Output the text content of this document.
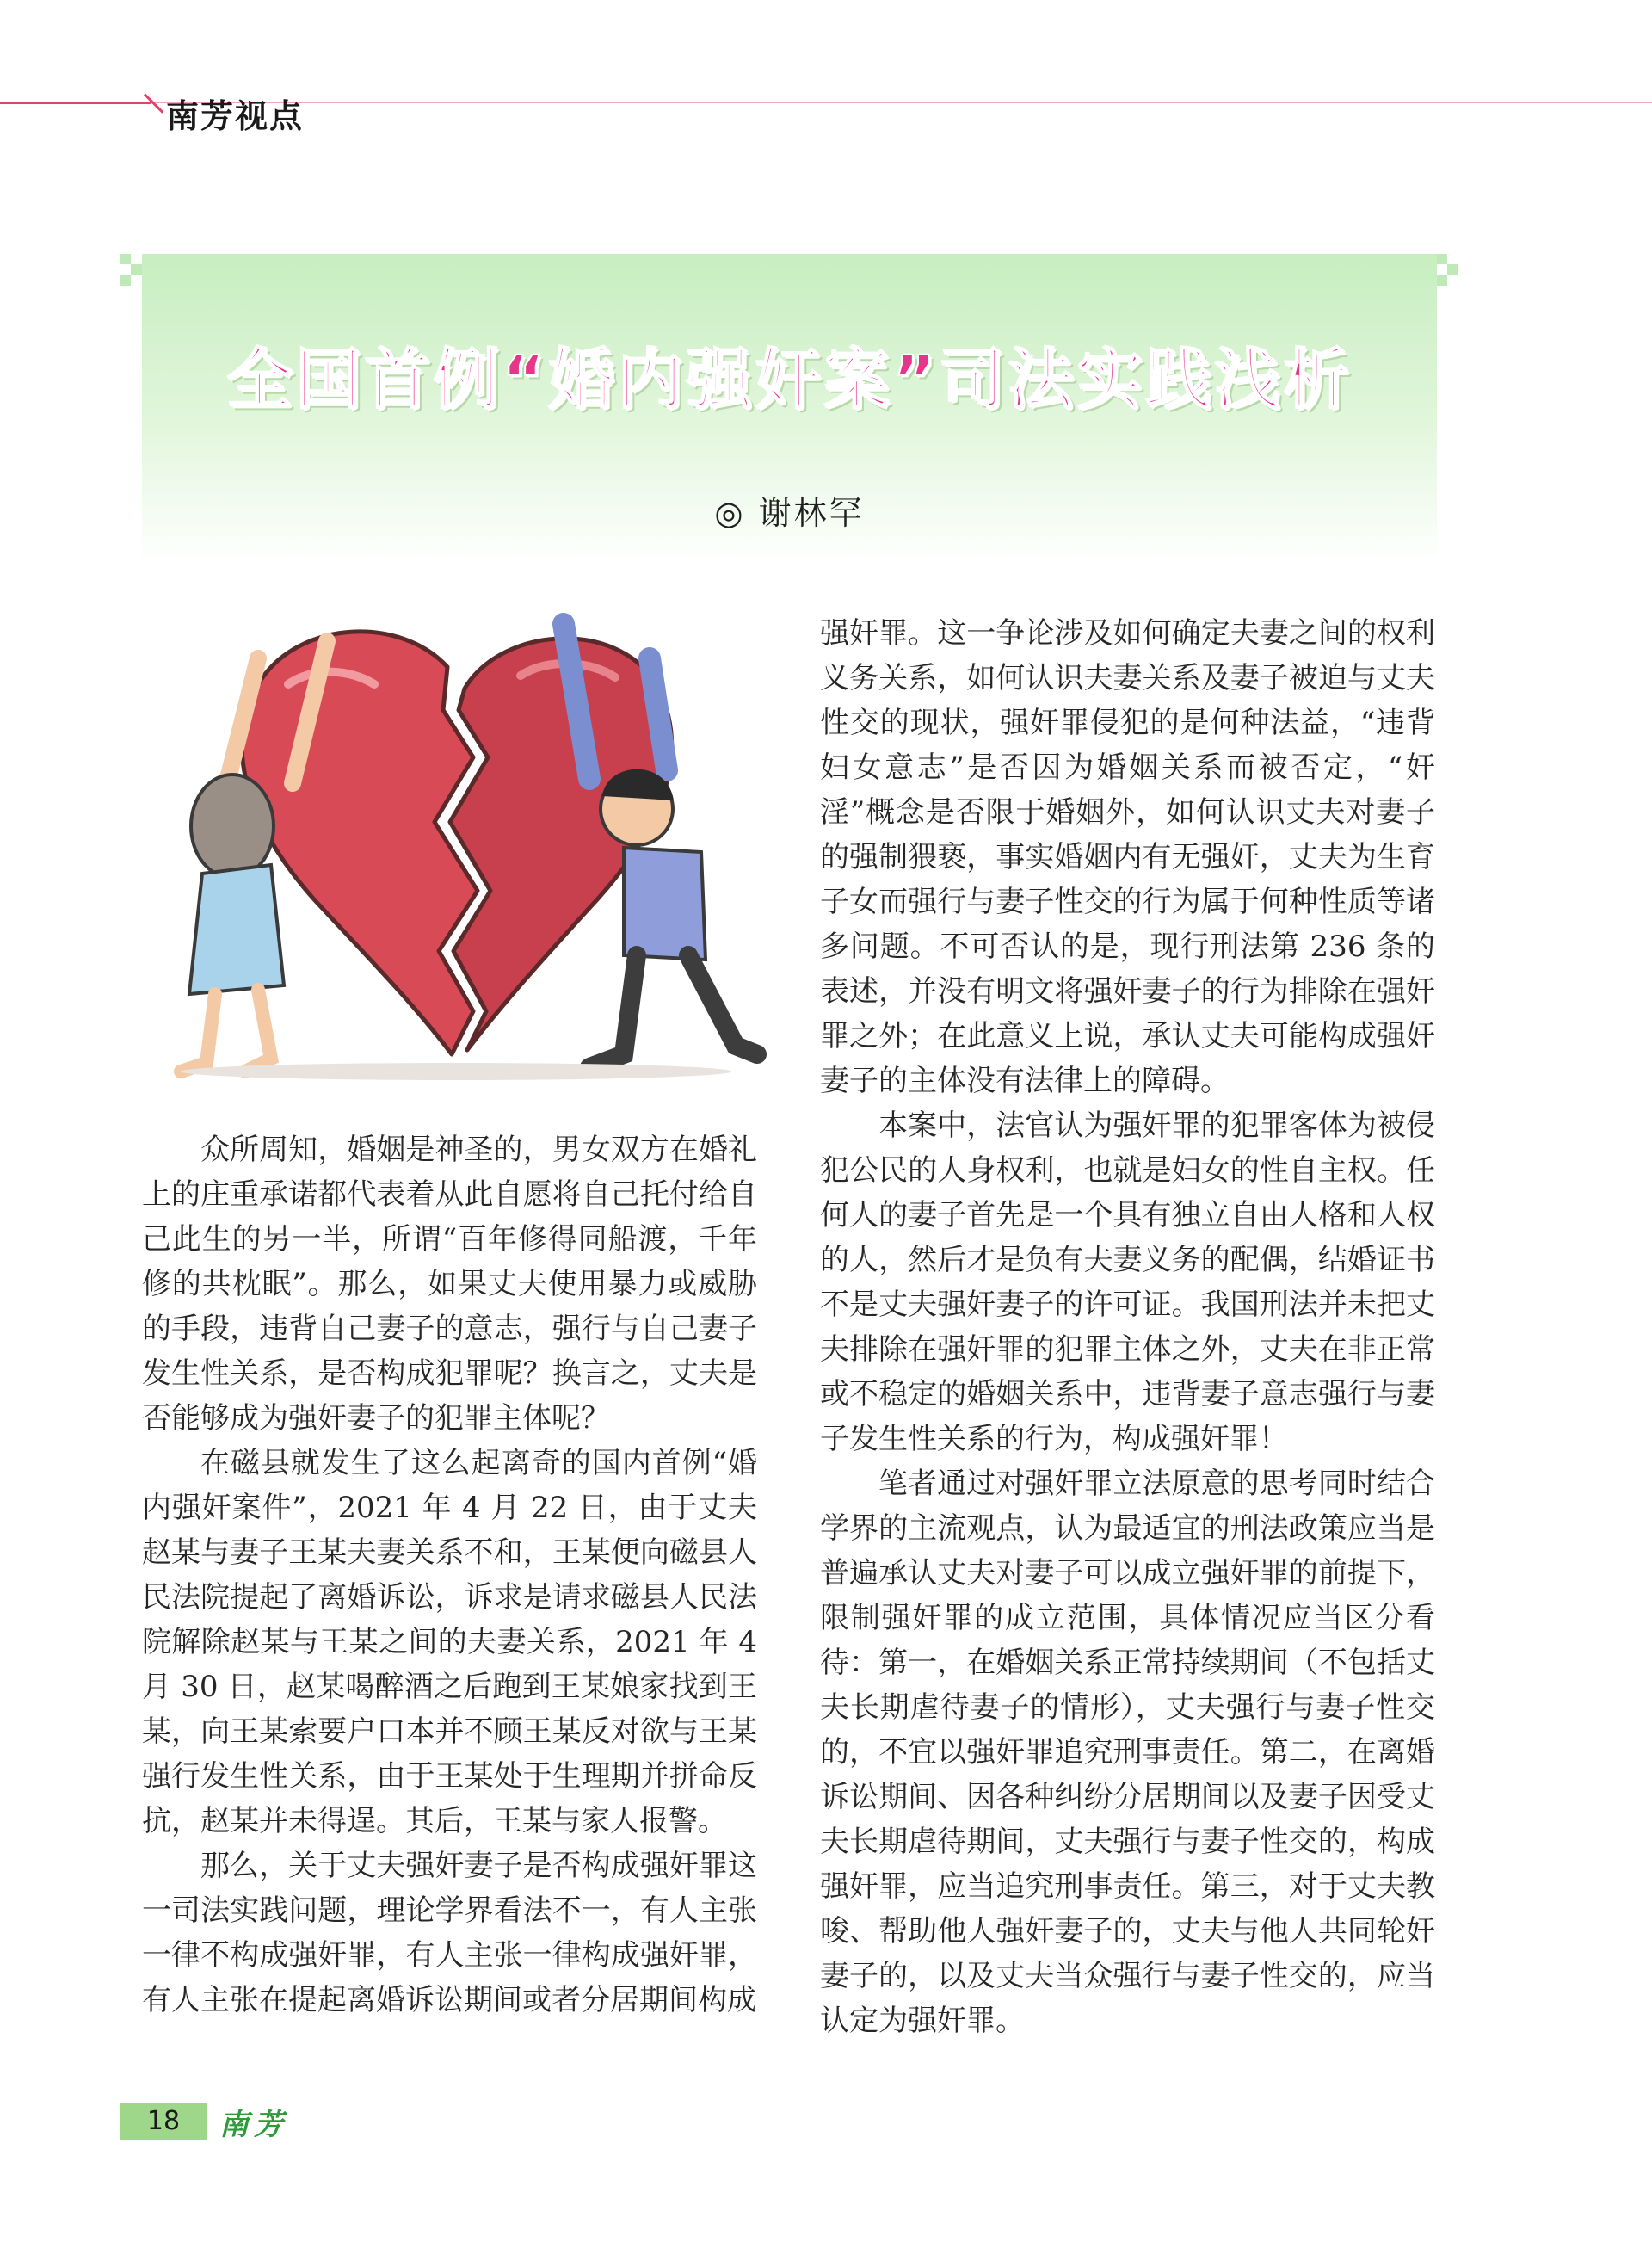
南芳视点
全国首例“婚内强奸案”司法实践浅析
◎ 谢林罕

众所周知，婚姻是神圣的，男女双方在婚礼上的庄重承诺都代表着从此自愿将自己托付给自己此生的另一半，所谓“百年修得同船渡，千年修的共枕眠”。那么，如果丈夫使用暴力或威胁的手段，违背自己妻子的意志，强行与自己妻子发生性关系，是否构成犯罪呢？换言之，丈夫是否能够成为强奸妻子的犯罪主体呢？

在磁县就发生了这么起离奇的国内首例“婚内强奸案件”，2021 年 4 月 22 日，由于丈夫赵某与妻子王某夫妻关系不和，王某便向磁县人民法院提起了离婚诉讼，诉求是请求磁县人民法院解除赵某与王某之间的夫妻关系，2021 年 4 月 30 日，赵某喝醉酒之后跑到王某娘家找到王某，向王某索要户口本并不顾王某反对欲与王某强行发生性关系，由于王某处于生理期并拼命反抗，赵某并未得逞。其后，王某与家人报警。

那么，关于丈夫强奸妻子是否构成强奸罪这一司法实践问题，理论学界看法不一，有人主张一律不构成强奸罪，有人主张一律构成强奸罪，有人主张在提起离婚诉讼期间或者分居期间构成

强奸罪。这一争论涉及如何确定夫妻之间的权利义务关系，如何认识夫妻关系及妻子被迫与丈夫性交的现状，强奸罪侵犯的是何种法益，“违背妇女意志”是否因为婚姻关系而被否定，“奸淫”概念是否限于婚姻外，如何认识丈夫对妻子的强制猥亵，事实婚姻内有无强奸，丈夫为生育子女而强行与妻子性交的行为属于何种性质等诸多问题。不可否认的是，现行刑法第 236 条的表述，并没有明文将强奸妻子的行为排除在强奸罪之外；在此意义上说，承认丈夫可能构成强奸妻子的主体没有法律上的障碍。

本案中，法官认为强奸罪的犯罪客体为被侵犯公民的人身权利，也就是妇女的性自主权。任何人的妻子首先是一个具有独立自由人格和人权的人，然后才是负有夫妻义务的配偶，结婚证书不是丈夫强奸妻子的许可证。我国刑法并未把丈夫排除在强奸罪的犯罪主体之外，丈夫在非正常或不稳定的婚姻关系中，违背妻子意志强行与妻子发生性关系的行为，构成强奸罪！

笔者通过对强奸罪立法原意的思考同时结合学界的主流观点，认为最适宜的刑法政策应当是普遍承认丈夫对妻子可以成立强奸罪的前提下，限制强奸罪的成立范围，具体情况应当区分看待：第一，在婚姻关系正常持续期间（不包括丈夫长期虐待妻子的情形），丈夫强行与妻子性交的，不宜以强奸罪追究刑事责任。第二，在离婚诉讼期间、因各种纠纷分居期间以及妻子因受丈夫长期虐待期间，丈夫强行与妻子性交的，构成强奸罪，应当追究刑事责任。第三，对于丈夫教唆、帮助他人强奸妻子的，丈夫与他人共同轮奸妻子的，以及丈夫当众强行与妻子性交的，应当认定为强奸罪。

18	南芳
